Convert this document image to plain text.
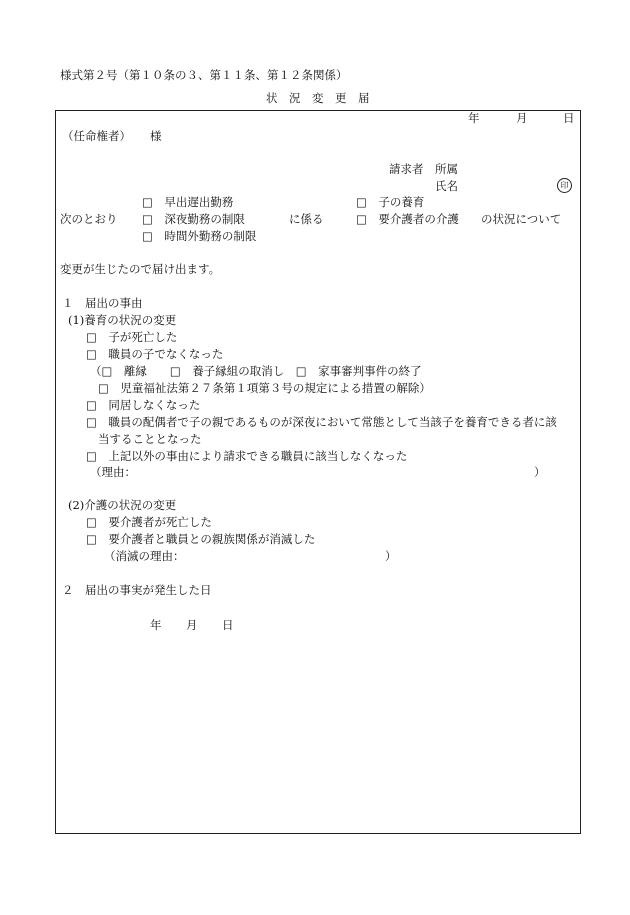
様式第２号（第１０条の３、第１１条、第１２条関係）
状　況　変　更　届
年	月	日
（任命権者） 様
請求者 所属
氏名	印
□　早出遅出勤務
次のとおり □　深夜勤務の制限	に係る
□　時間外勤務の制限
□　子の養育
□　要介護者の介護 の状況について
変更が生じたので届け出ます。
１　届出の事由
(1)養育の状況の変更
□　子が死亡した
□　職員の子でなくなった
（□　離縁　　□　養子縁組の取消し　□　家事審判事件の終了
□　児童福祉法第２７条第１項第３号の規定による措置の解除）
□　同居しなくなった
□　職員の配偶者で子の親であるものが深夜において常態として当該子を養育できる者に該
当することとなった
□　上記以外の事由により請求できる職員に該当しなくなった
（理由：	）
(2)介護の状況の変更
□　要介護者が死亡した
□　要介護者と職員との親族関係が消滅した
（消滅の理由：	）
２　届出の事実が発生した日
年 月 日
